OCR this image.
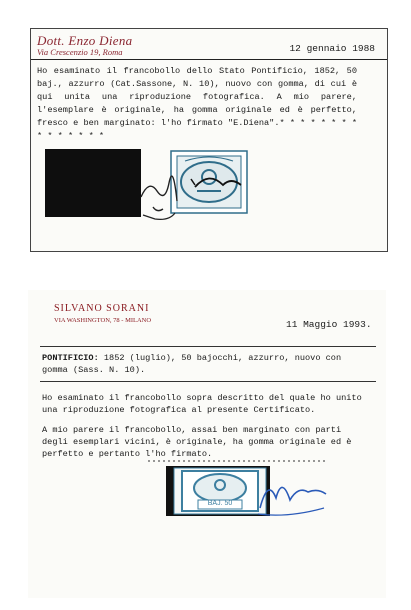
Dott. Enzo Diena
Via Crescenzio 19, Roma	12 gennaio 1988
Ho esaminato il francobollo dello Stato Pontificio, 1852, 50 baj., azzurro (Cat.Sassone, N. 10), nuovo con gomma, di cui è qui unita una riproduzione fotografica. A mio parere, l'esemplare è originale, ha gomma originale ed è perfetto, fresco e ben marginato: l'ho firmato "E.Diena".* * * * * * * * * * * * * * *
SILVANO SORANI
VIA WASHINGTON, 78 - MILANO	11 Maggio 1993.
PONTIFICIO: 1852 (luglio), 50 bajocchi, azzurro, nuovo con gomma (Sass. N. 10).
Ho esaminato il francobollo sopra descritto del quale ho unito una riproduzione fotografica al presente Certificato.
A mio parere il francobollo, assai ben marginato con parti degli esemplari vicini, è originale, ha gomma originale ed è perfetto e pertanto l'ho firmato.
BAJ. 50
